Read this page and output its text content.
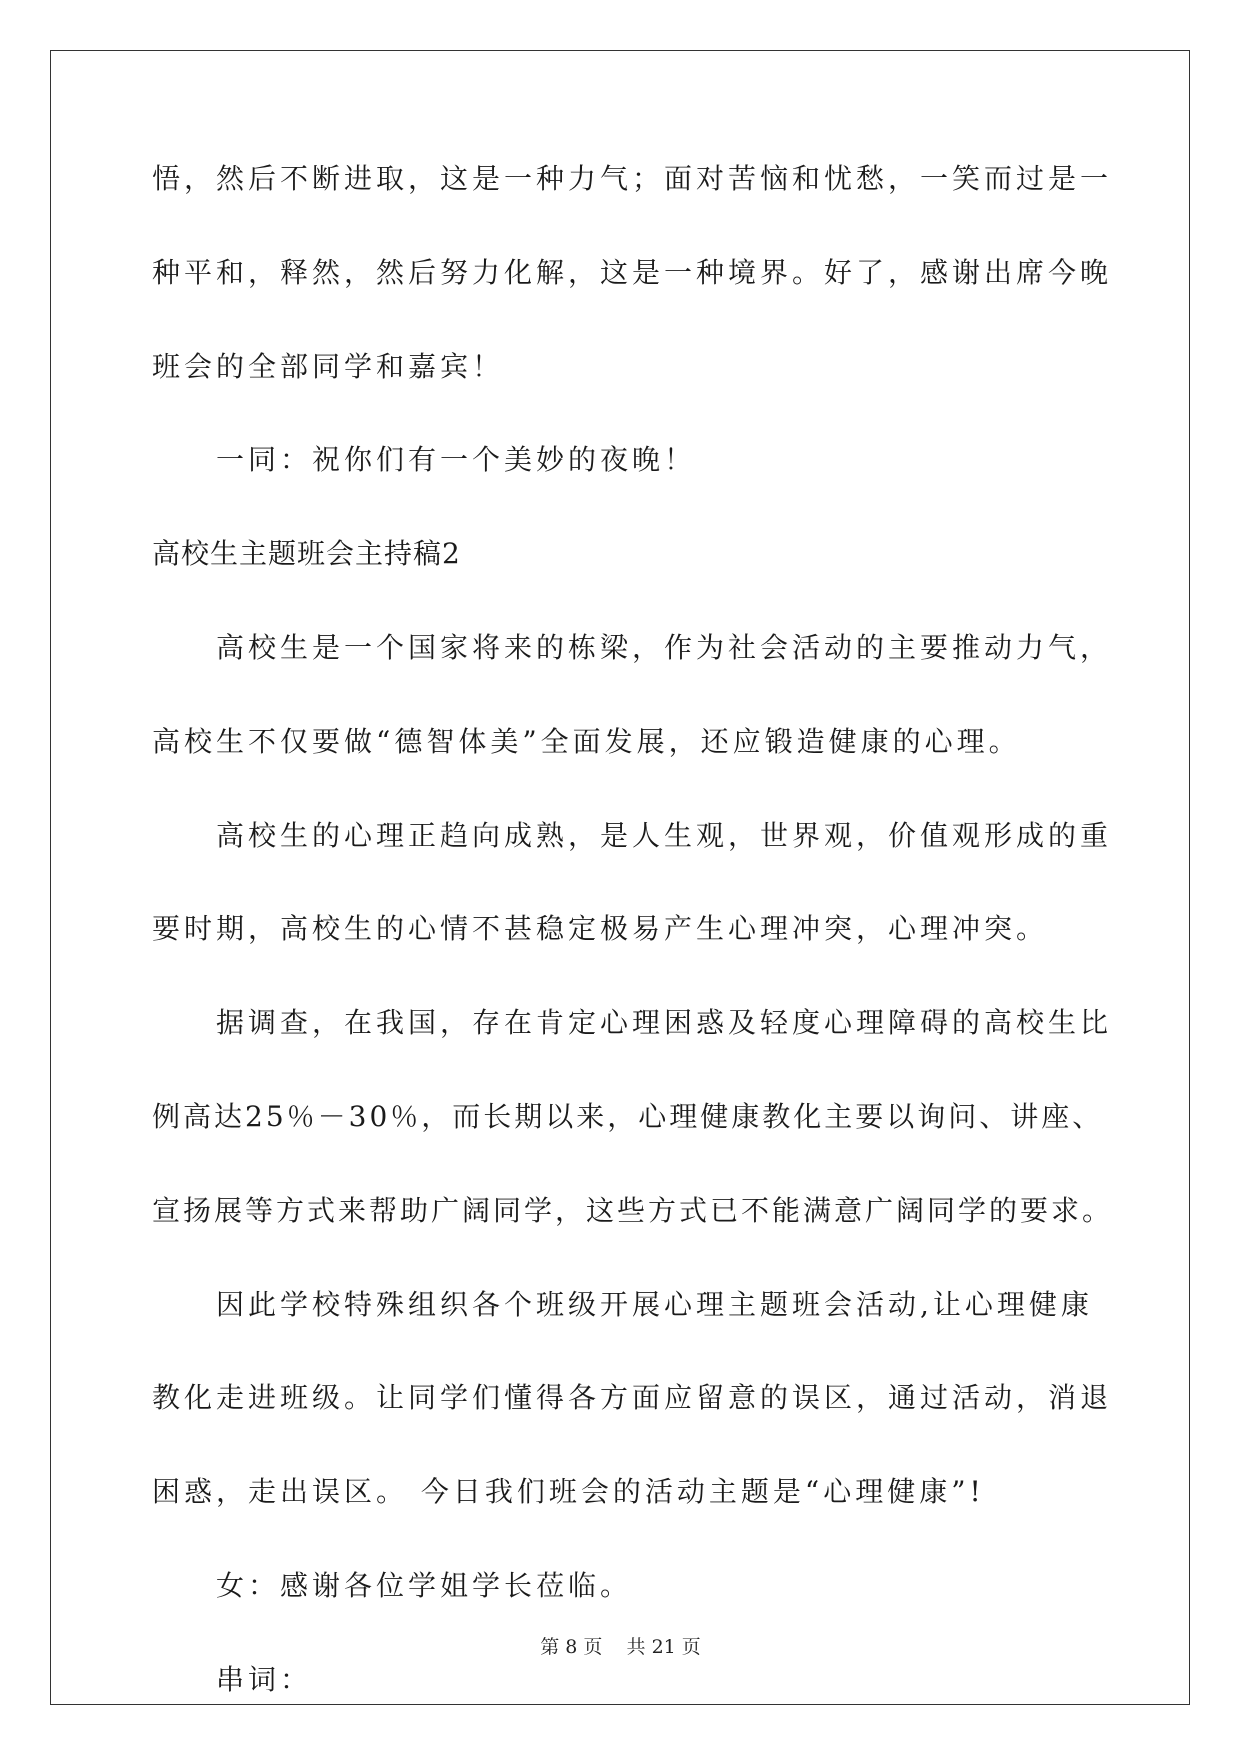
悟，然后不断进取，这是一种力气；面对苦恼和忧愁，一笑而过是一
种平和，释然，然后努力化解，这是一种境界。好了，感谢出席今晚
班会的全部同学和嘉宾！
一同：祝你们有一个美妙的夜晚！
高校生主题班会主持稿2
高校生是一个国家将来的栋梁，作为社会活动的主要推动力气，
高校生不仅要做“德智体美”全面发展，还应锻造健康的心理。
高校生的心理正趋向成熟，是人生观，世界观，价值观形成的重
要时期，高校生的心情不甚稳定极易产生心理冲突，心理冲突。
据调查，在我国，存在肯定心理困惑及轻度心理障碍的高校生比
例高达25％－30％，而长期以来，心理健康教化主要以询问、讲座、
宣扬展等方式来帮助广阔同学，这些方式已不能满意广阔同学的要求。
因此学校特殊组织各个班级开展心理主题班会活动,让心理健康
教化走进班级。让同学们懂得各方面应留意的误区，通过活动，消退
困惑，走出误区。 今日我们班会的活动主题是“心理健康”!
女：感谢各位学姐学长莅临。
串词：
第 8 页    共 21 页
